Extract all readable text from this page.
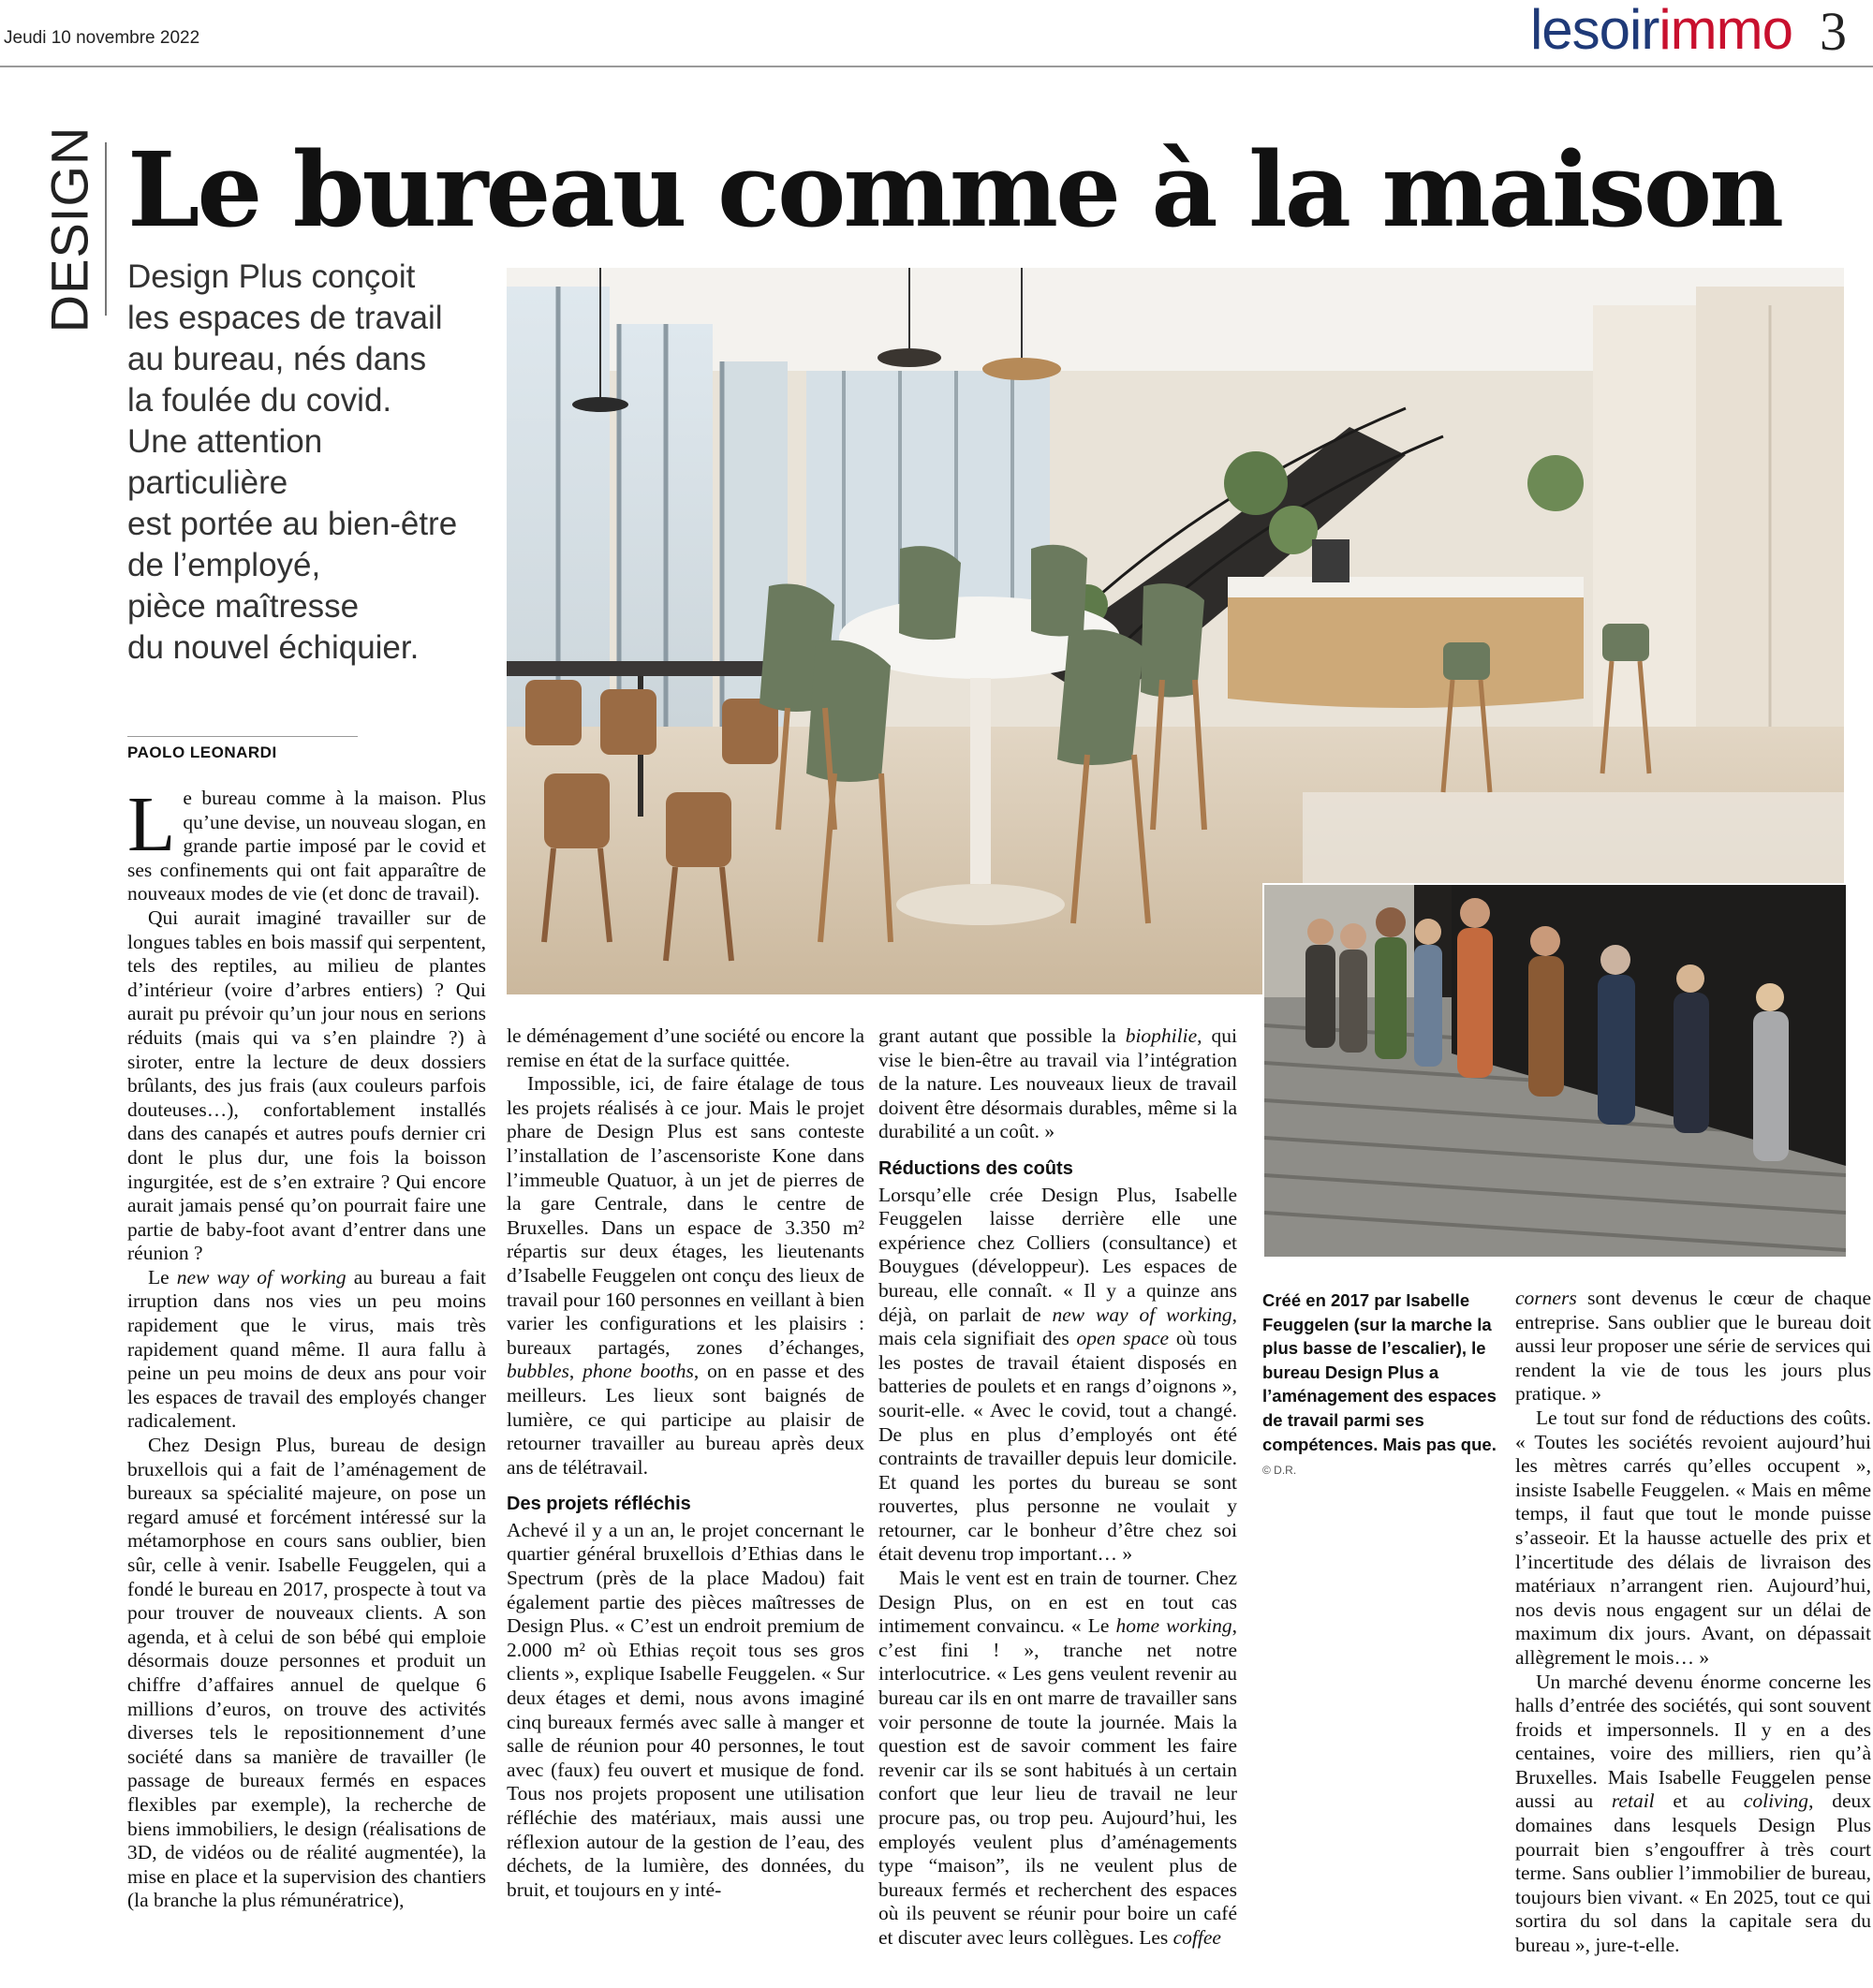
Jeudi 10 novembre 2022	lesoirimmo 3
DESIGN Le bureau comme à la maison
Design Plus conçoit
les espaces de travail
au bureau, nés dans
la foulée du covid.
Une attention
particulière
est portée au bien-être
de l’employé,
pièce maîtresse
du nouvel échiquier.
PAOLO LEONARDI

Le bureau comme à la maison. Plus qu’une devise, un nouveau slogan, en grande partie imposé par le covid et ses confinements qui ont fait apparaître de nouveaux modes de vie (et donc de travail).

Qui aurait imaginé travailler sur de longues tables en bois massif qui serpentent, tels des reptiles, au milieu de plantes d’intérieur (voire d’arbres entiers) ? Qui aurait pu prévoir qu’un jour nous en serions réduits (mais qui va s’en plaindre ?) à siroter, entre la lecture de deux dossiers brûlants, des jus frais (aux couleurs parfois douteuses…), confortablement installés dans des canapés et autres poufs dernier cri dont le plus dur, une fois la boisson ingurgitée, est de s’en extraire ? Qui encore aurait jamais pensé qu’on pourrait faire une partie de baby-foot avant d’entrer dans une réunion ?

Le new way of working au bureau a fait irruption dans nos vies un peu moins rapidement que le virus, mais très rapidement quand même. Il aura fallu à peine un peu moins de deux ans pour voir les espaces de travail des employés changer radicalement.

Chez Design Plus, bureau de design bruxellois qui a fait de l’aménagement de bureaux sa spécialité majeure, on pose un regard amusé et forcément intéressé sur la métamorphose en cours sans oublier, bien sûr, celle à venir. Isabelle Feuggelen, qui a fondé le bureau en 2017, prospecte à tout va pour trouver de nouveaux clients. A son agenda, et à celui de son bébé qui emploie désormais douze personnes et produit un chiffre d’affaires annuel de quelque 6 millions d’euros, on trouve des activités diverses tels le repositionnement d’une société dans sa manière de travailler (le passage de bureaux fermés en espaces flexibles par exemple), la recherche de biens immobiliers, le design (réalisations de 3D, de vidéos ou de réalité augmentée), la mise en place et la supervision des chantiers (la branche la plus rémunératrice),

le déménagement d’une société ou encore la remise en état de la surface quittée.

Impossible, ici, de faire étalage de tous les projets réalisés à ce jour. Mais le projet phare de Design Plus est sans conteste l’installation de l’ascensoriste Kone dans l’immeuble Quatuor, à un jet de pierres de la gare Centrale, dans le centre de Bruxelles. Dans un espace de 3.350 m² répartis sur deux étages, les lieutenants d’Isabelle Feuggelen ont conçu des lieux de travail pour 160 personnes en veillant à bien varier les configurations et les plaisirs : bureaux partagés, zones d’échanges, bubbles, phone booths, on en passe et des meilleurs. Les lieux sont baignés de lumière, ce qui participe au plaisir de retourner travailler au bureau après deux ans de télétravail.

Des projets réfléchis

Achevé il y a un an, le projet concernant le quartier général bruxellois d’Ethias dans le Spectrum (près de la place Madou) fait également partie des pièces maîtresses de Design Plus. « C’est un endroit premium de 2.000 m² où Ethias reçoit tous ses gros clients », explique Isabelle Feuggelen. « Sur deux étages et demi, nous avons imaginé cinq bureaux fermés avec salle à manger et salle de réunion pour 40 personnes, le tout avec (faux) feu ouvert et musique de fond. Tous nos projets proposent une utilisation réfléchie des matériaux, mais aussi une réflexion autour de la gestion de l’eau, des déchets, de la lumière, des données, du bruit, et toujours en y inté-

grant autant que possible la biophilie, qui vise le bien-être au travail via l’intégration de la nature. Les nouveaux lieux de travail doivent être désormais durables, même si la durabilité a un coût. »

Réductions des coûts

Lorsqu’elle crée Design Plus, Isabelle Feuggelen laisse derrière elle une expérience chez Colliers (consultance) et Bouygues (développeur). Les espaces de bureau, elle connaît. « Il y a quinze ans déjà, on parlait de new way of working, mais cela signifiait des open space où tous les postes de travail étaient disposés en batteries de poulets et en rangs d’oignons », sourit-elle. « Avec le covid, tout a changé. De plus en plus d’employés ont été contraints de travailler depuis leur domicile. Et quand les portes du bureau se sont rouvertes, plus personne ne voulait y retourner, car le bonheur d’être chez soi était devenu trop important… »

Mais le vent est en train de tourner. Chez Design Plus, on en est en tout cas intimement convaincu. « Le home working, c’est fini ! », tranche net notre interlocutrice. « Les gens veulent revenir au bureau car ils en ont marre de travailler sans voir personne de toute la journée. Mais la question est de savoir comment les faire revenir car ils se sont habitués à un certain confort que leur lieu de travail ne leur procure pas, ou trop peu. Aujourd’hui, les employés veulent plus d’aménagements type “maison”, ils ne veulent plus de bureaux fermés et recherchent des espaces où ils peuvent se réunir pour boire un café et discuter avec leurs collègues. Les coffee

Créé en 2017 par Isabelle Feuggelen (sur la marche la plus basse de l’escalier), le bureau Design Plus a l’aménagement des espaces de travail parmi ses compétences. Mais pas que. © D.R.

corners sont devenus le cœur de chaque entreprise. Sans oublier que le bureau doit aussi leur proposer une série de services qui rendent la vie de tous les jours plus pratique. »

Le tout sur fond de réductions des coûts. « Toutes les sociétés revoient aujourd’hui les mètres carrés qu’elles occupent », insiste Isabelle Feuggelen. « Mais en même temps, il faut que tout le monde puisse s’asseoir. Et la hausse actuelle des prix et l’incertitude des délais de livraison des matériaux n’arrangent rien. Aujourd’hui, nos devis nous engagent sur un délai de maximum dix jours. Avant, on dépassait allègrement le mois… »

Un marché devenu énorme concerne les halls d’entrée des sociétés, qui sont souvent froids et impersonnels. Il y en a des centaines, voire des milliers, rien qu’à Bruxelles. Mais Isabelle Feuggelen pense aussi au retail et au coliving, deux domaines dans lesquels Design Plus pourrait bien s’engouffrer à très court terme. Sans oublier l’immobilier de bureau, toujours bien vivant. « En 2025, tout ce qui sortira du sol dans la capitale sera du bureau », jure-t-elle.
